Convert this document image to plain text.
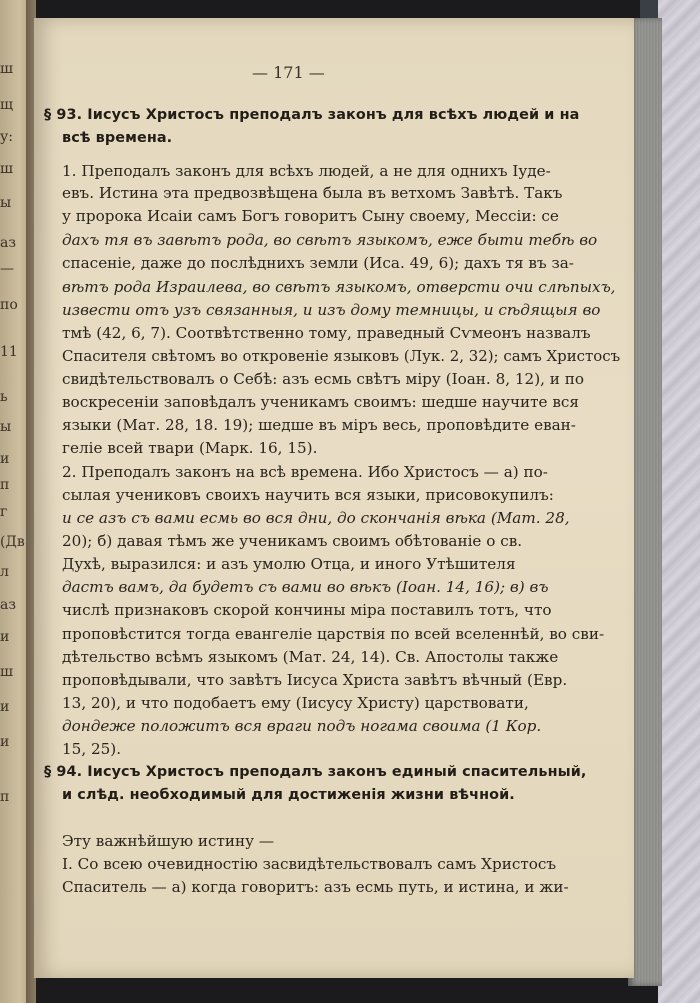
ш
щ
у:
ш
ы
аз
—
по
11
ь
ы
и
п
г
(Дв
л
аз
и
ш
и
и
п
— 171 —
§ 93. Іисусъ Христосъ преподалъ законъ для всѣхъ людей и на
всѣ времена.
1. Преподалъ законъ для всѣхъ людей, а не для однихъ Іуде-
евъ. Истина эта предвозвѣщена была въ ветхомъ Завѣтѣ. Такъ
у пророка Исаіи самъ Богъ говоритъ Сыну своему, Мессіи: се
дахъ тя въ завѣтъ рода, во свѣтъ языкомъ, еже быти тебѣ во
спасеніе, даже до послѣднихъ земли (Иса. 49, 6); дахъ тя въ за-
вѣтъ рода Израилева, во свѣтъ языкомъ, отверсти очи слѣпыхъ,
извести отъ узъ связанныя, и изъ дому темницы, и сѣдящыя во
тмѣ (42, 6, 7). Соотвѣтственно тому, праведный Сѵмеонъ назвалъ
Спасителя свѣтомъ во откровеніе языковъ (Лук. 2, 32); самъ Христосъ
свидѣтельствовалъ о Себѣ: азъ есмь свѣтъ міру (Іоан. 8, 12), и по
воскресеніи заповѣдалъ ученикамъ своимъ: шедше научите вся
языки (Мат. 28, 18. 19); шедше въ міръ весь, проповѣдите еван-
геліе всей твари (Марк. 16, 15).
2. Преподалъ законъ на всѣ времена. Ибо Христосъ — а) по-
сылая учениковъ своихъ научить вся языки, присовокупилъ:
и се азъ съ вами есмь во вся дни, до скончанія вѣка (Мат. 28,
20); б) давая тѣмъ же ученикамъ своимъ обѣтованіе о св.
Духѣ, выразился: и азъ умолю Отца, и иного Утѣшителя
дастъ вамъ, да будетъ съ вами во вѣкъ (Іоан. 14, 16); в) въ
числѣ признаковъ скорой кончины міра поставилъ тотъ, что
проповѣстится тогда евангеліе царствія по всей вселеннѣй, во сви-
дѣтельство всѣмъ языкомъ (Мат. 24, 14). Св. Апостолы также
проповѣдывали, что завѣтъ Іисуса Христа завѣтъ вѣчный (Евр.
13, 20), и что подобаетъ ему (Іисусу Христу) царствовати,
дондеже положитъ вся враги подъ ногама своима (1 Кор.
15, 25).
§ 94. Іисусъ Христосъ преподалъ законъ единый спасительный,
и слѣд. необходимый для достиженія жизни вѣчной.
Эту важнѣйшую истину —
I. Со всею очевидностію засвидѣтельствовалъ самъ Христосъ
Спаситель — а) когда говоритъ: азъ есмь путь, и истина, и жи-
